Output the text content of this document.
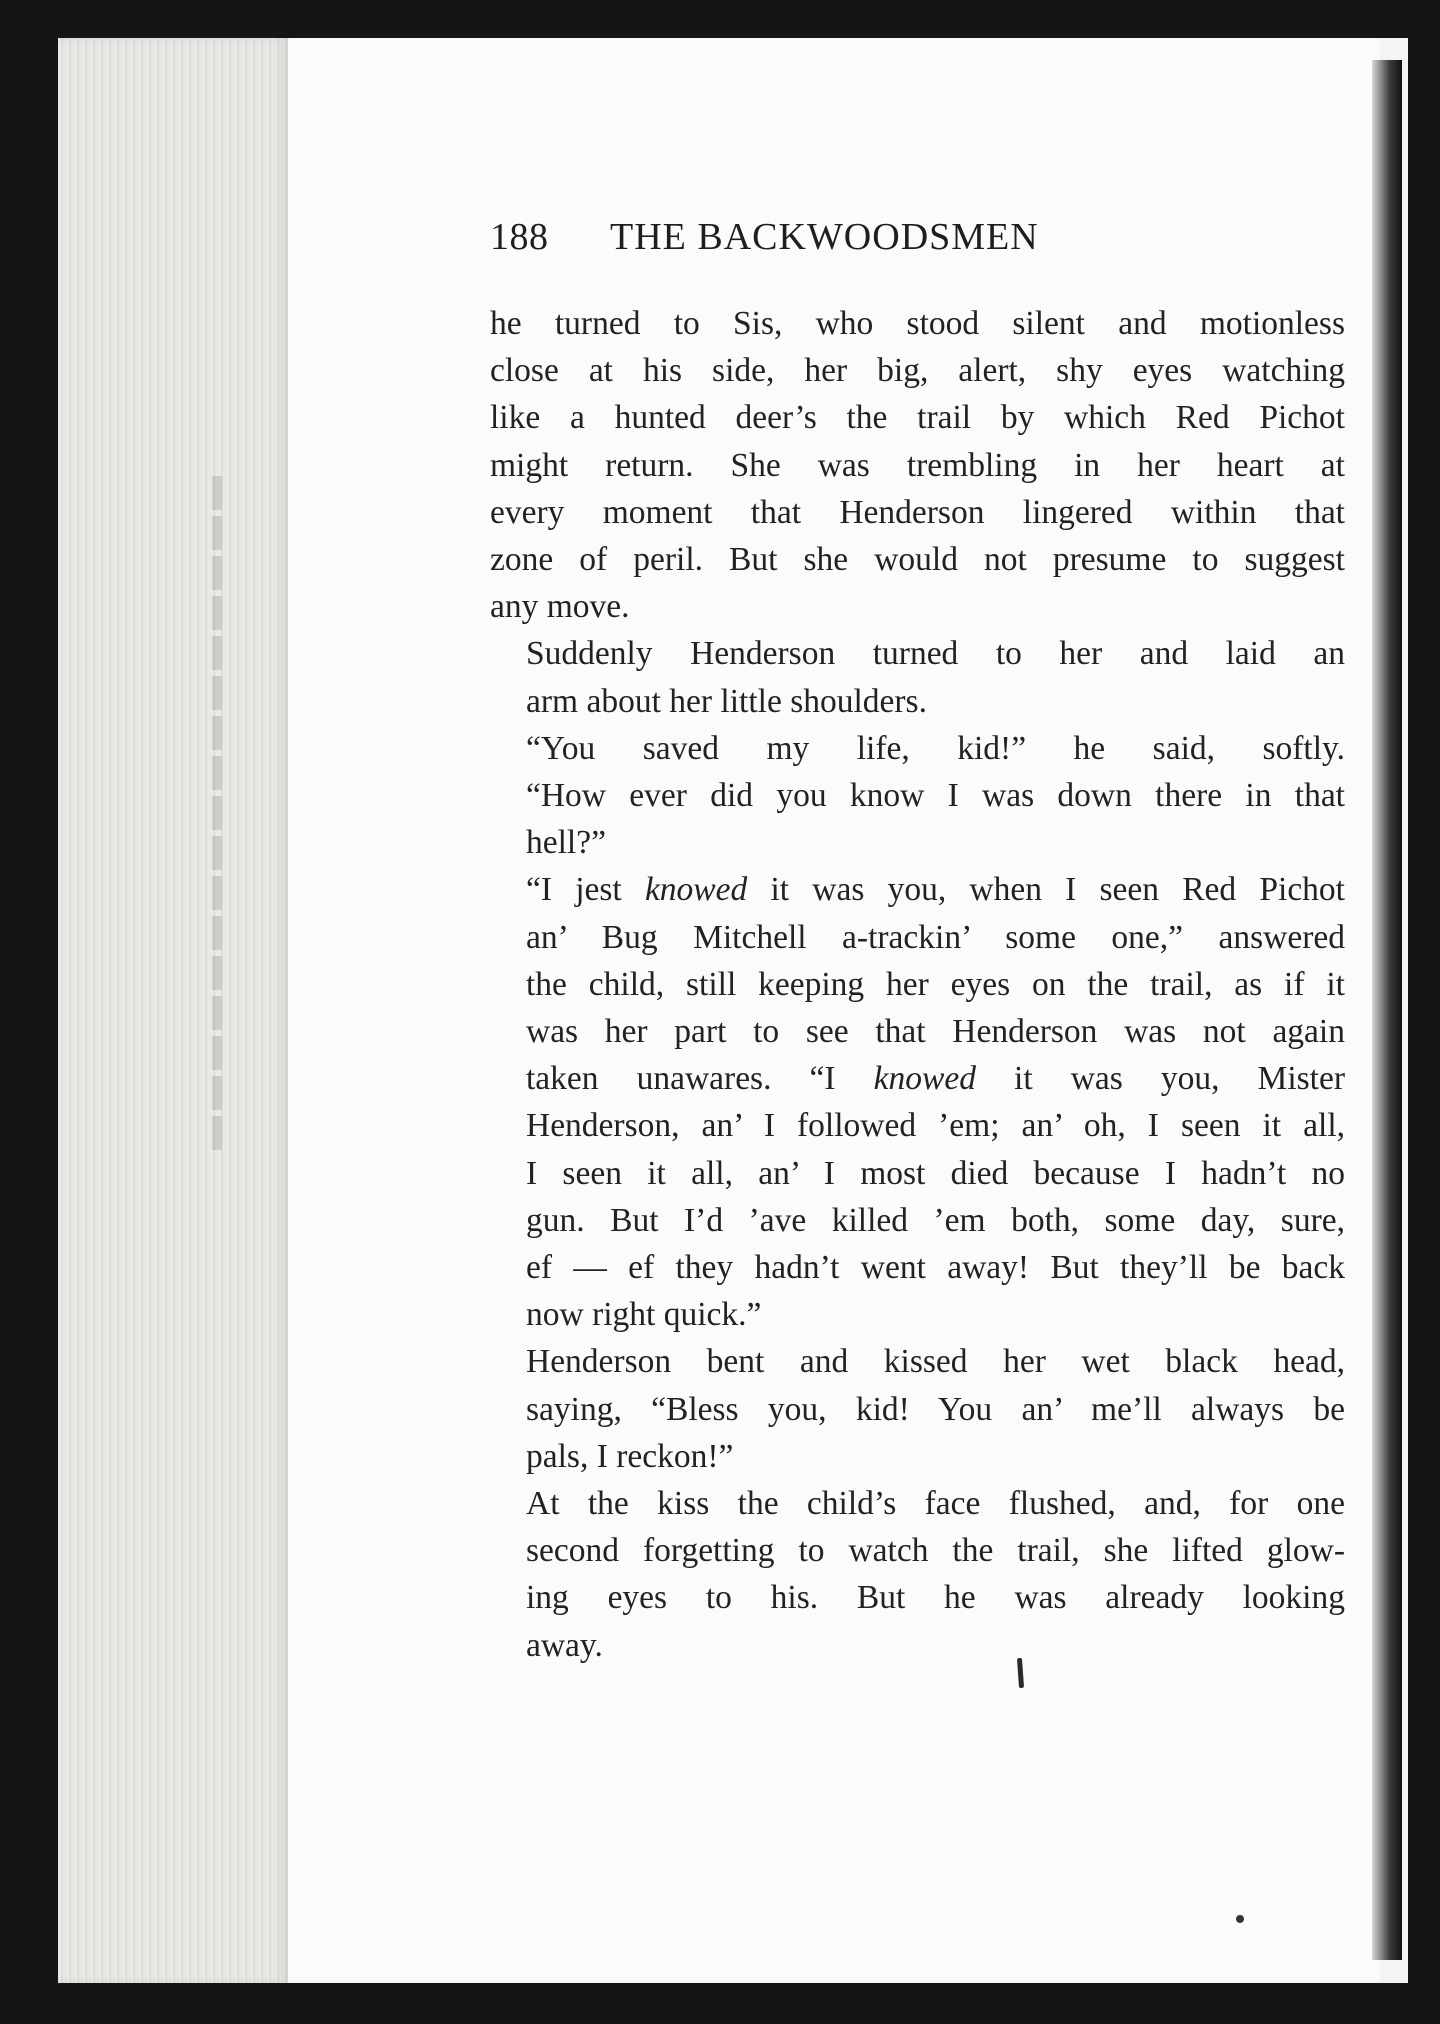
188	THE BACKWOODSMEN

he turned to Sis, who stood silent and motionless
close at his side, her big, alert, shy eyes watching
like a hunted deer’s the trail by which Red Pichot
might return. She was trembling in her heart at
every moment that Henderson lingered within that
zone of peril. But she would not presume to suggest
any move.

Suddenly Henderson turned to her and laid an
arm about her little shoulders.

“You saved my life, kid!” he said, softly.
“How ever did you know I was down there in that
hell?”

“I jest knowed it was you, when I seen Red Pichot
an’ Bug Mitchell a-trackin’ some one,” answered
the child, still keeping her eyes on the trail, as if it
was her part to see that Henderson was not again
taken unawares. “I knowed it was you, Mister
Henderson, an’ I followed ’em; an’ oh, I seen it all,
I seen it all, an’ I most died because I hadn’t no
gun. But I’d ’ave killed ’em both, some day, sure,
ef — ef they hadn’t went away! But they’ll be back
now right quick.”

Henderson bent and kissed her wet black head,
saying, “Bless you, kid! You an’ me’ll always be
pals, I reckon!”

At the kiss the child’s face flushed, and, for one
second forgetting to watch the trail, she lifted glow-
ing eyes to his. But he was already looking
away.
